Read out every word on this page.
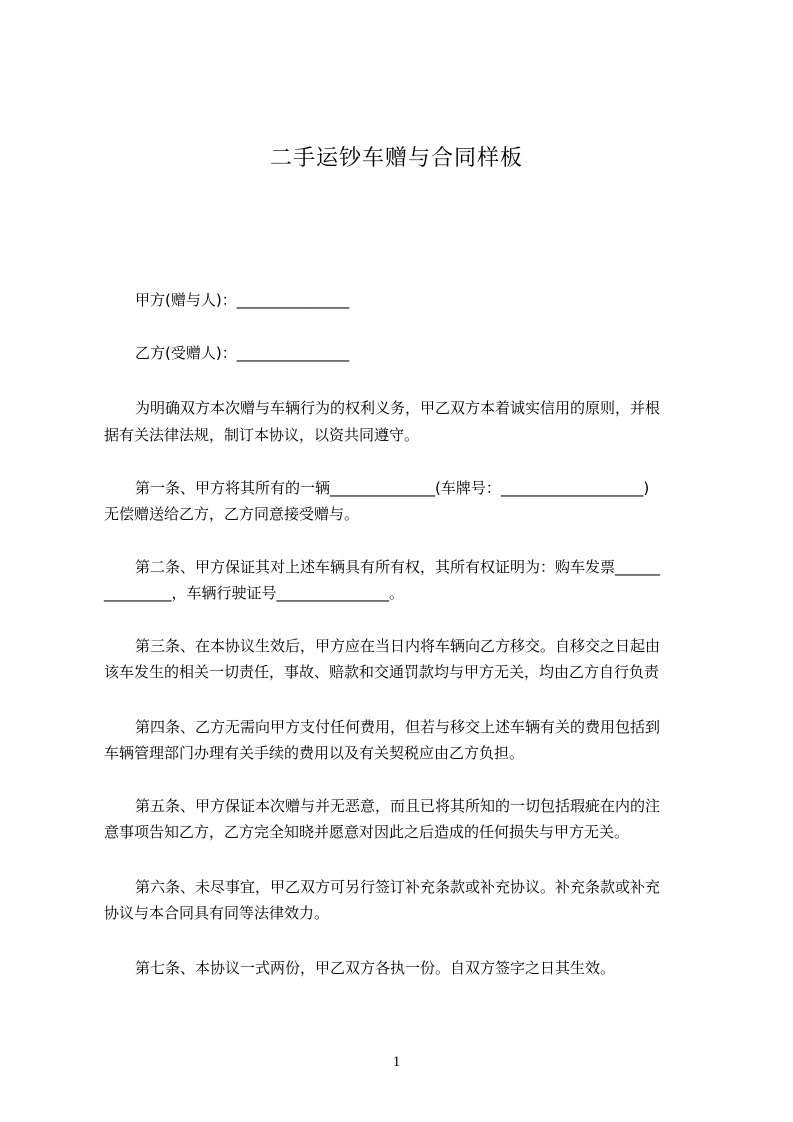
二手运钞车赠与合同样板
甲方(赠与人)：_______________
乙方(受赠人)：_______________
为明确双方本次赠与车辆行为的权利义务，甲乙双方本着诚实信用的原则，并根
据有关法律法规，制订本协议，以资共同遵守。
第一条、甲方将其所有的一辆______________(车牌号：___________________)
无偿赠送给乙方，乙方同意接受赠与。
第二条、甲方保证其对上述车辆具有所有权，其所有权证明为：购车发票______
_________，车辆行驶证号_______________。
第三条、在本协议生效后，甲方应在当日内将车辆向乙方移交。自移交之日起由
该车发生的相关一切责任，事故、赔款和交通罚款均与甲方无关，均由乙方自行负责
第四条、乙方无需向甲方支付任何费用，但若与移交上述车辆有关的费用包括到
车辆管理部门办理有关手续的费用以及有关契税应由乙方负担。
第五条、甲方保证本次赠与并无恶意，而且已将其所知的一切包括瑕疵在内的注
意事项告知乙方，乙方完全知晓并愿意对因此之后造成的任何损失与甲方无关。
第六条、未尽事宜，甲乙双方可另行签订补充条款或补充协议。补充条款或补充
协议与本合同具有同等法律效力。
第七条、本协议一式两份，甲乙双方各执一份。自双方签字之日其生效。
1
